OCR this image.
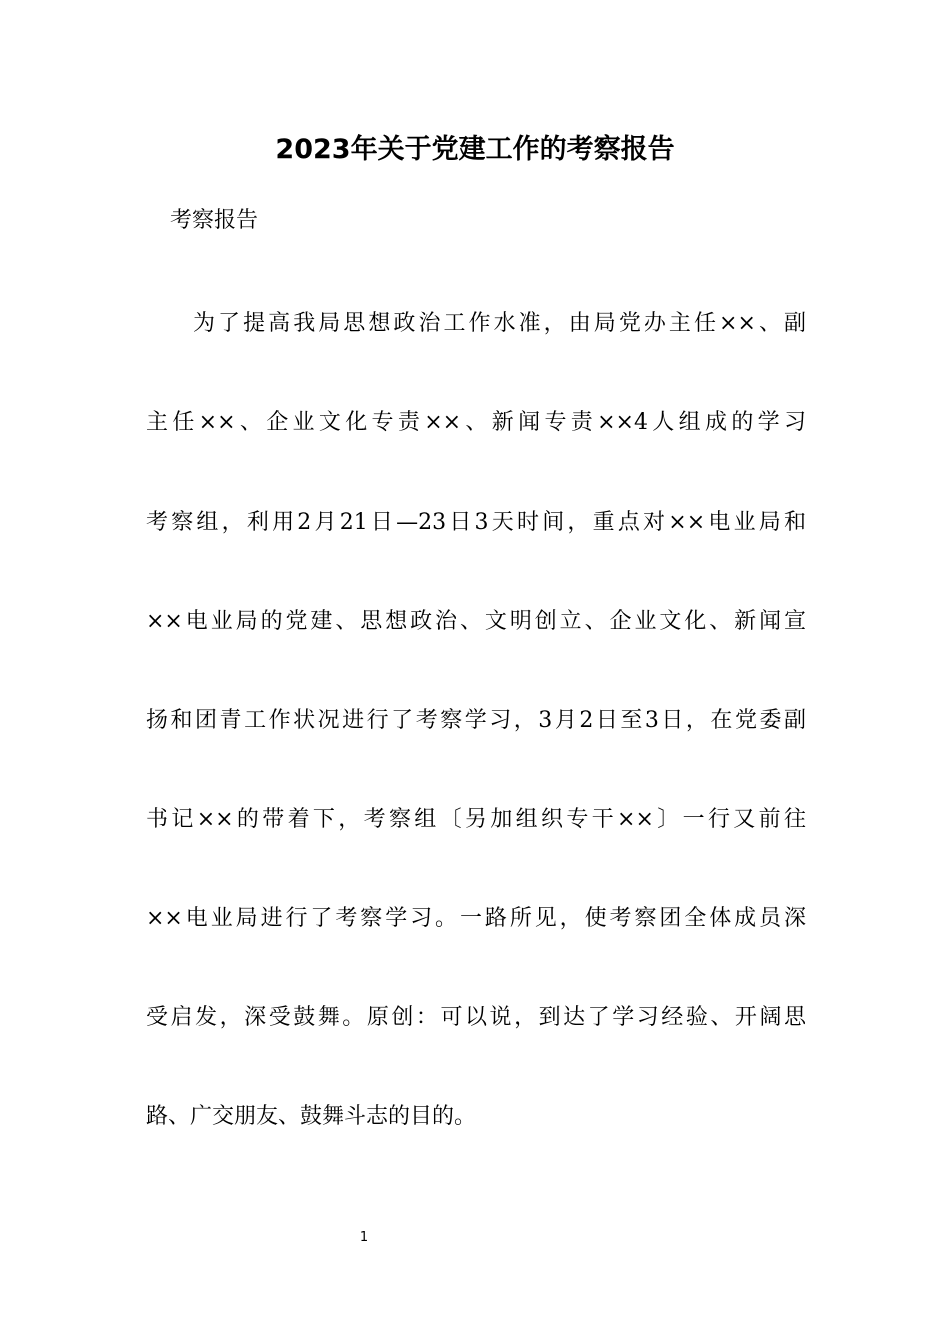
2023年关于党建工作的考察报告

考察报告

为了提高我局思想政治工作水准，由局党办主任××、副

主任××、企业文化专责××、新闻专责××4人组成的学习

考察组，利用2月21日—23日3天时间，重点对××电业局和

××电业局的党建、思想政治、文明创立、企业文化、新闻宣

扬和团青工作状况进行了考察学习，3月2日至3日，在党委副

书记××的带着下，考察组〔另加组织专干××〕一行又前往

××电业局进行了考察学习。一路所见，使考察团全体成员深

受启发，深受鼓舞。原创：可以说，到达了学习经验、开阔思

路、广交朋友、鼓舞斗志的目的。

1
